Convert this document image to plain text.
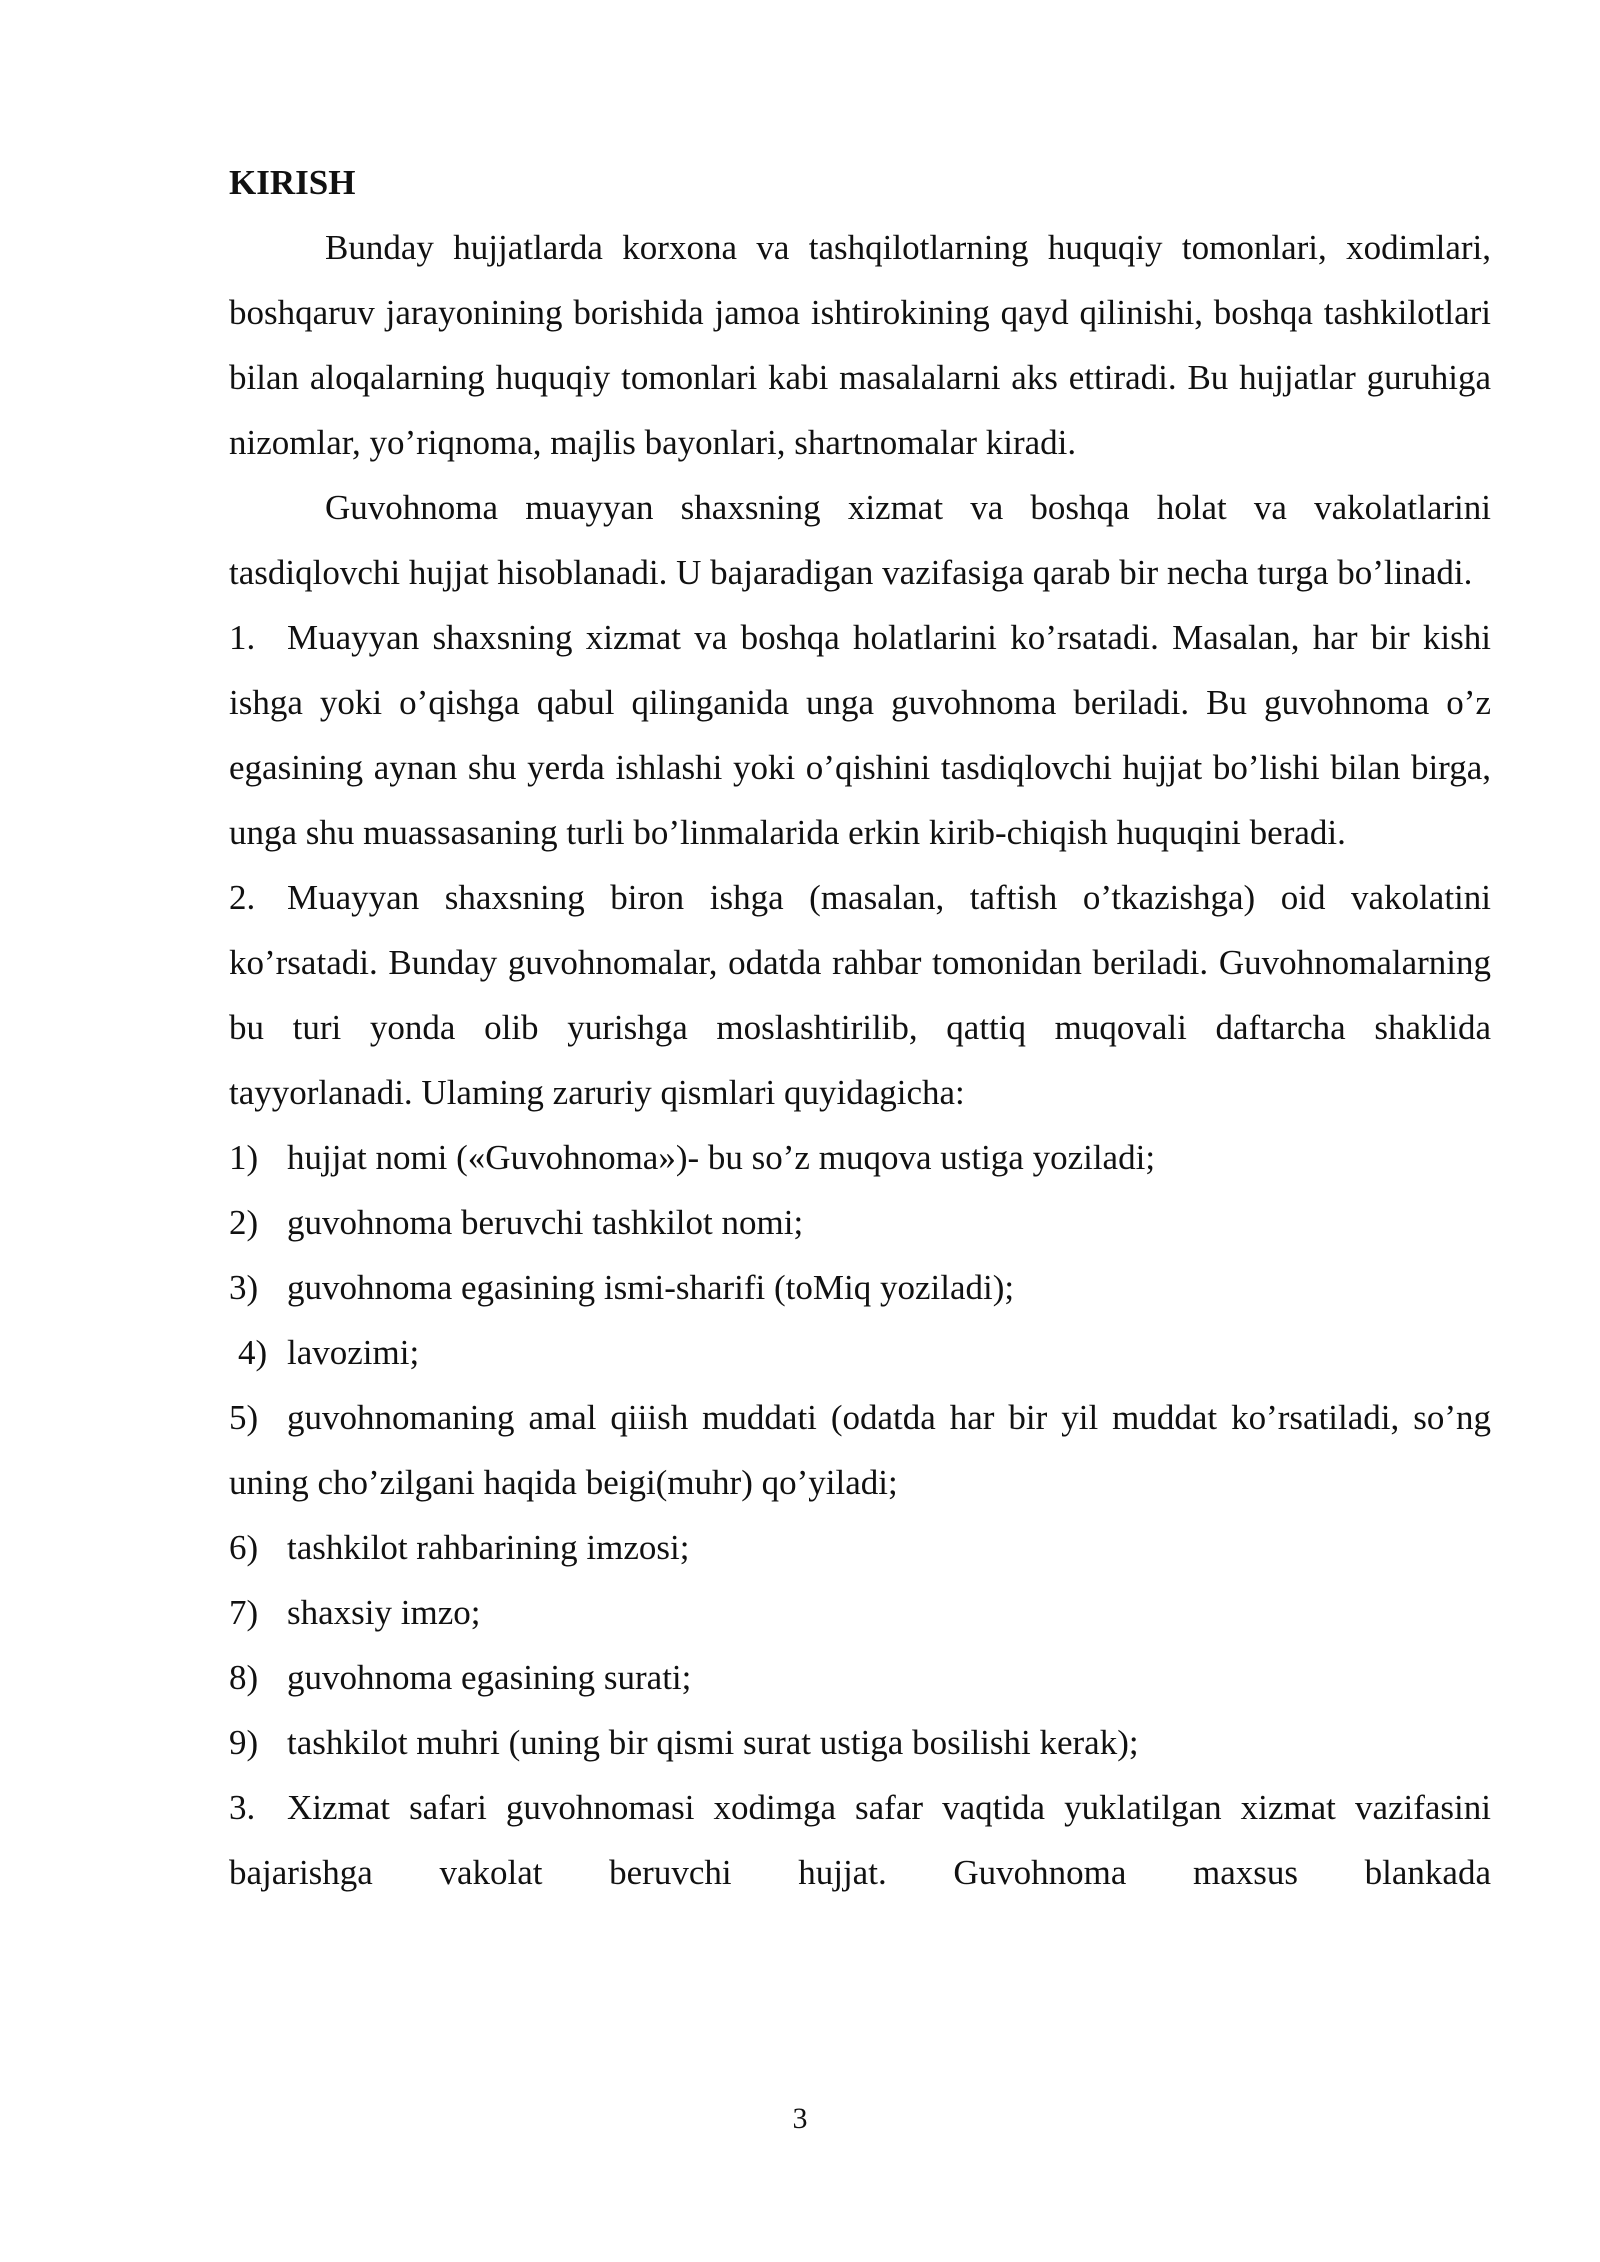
KIRISH

Bunday hujjatlarda korxona va tashqilotlarning huquqiy tomonlari, xodimlari, boshqaruv jarayonining borishida jamoa ishtirokining qayd qilinishi, boshqa tashkilotlari bilan aloqalarning huquqiy tomonlari kabi masalalarni aks ettiradi. Bu hujjatlar guruhiga nizomlar, yo’riqnoma, majlis bayonlari, shartnomalar kiradi.

Guvohnoma muayyan shaxsning xizmat va boshqa holat va vakolatlarini tasdiqlovchi hujjat hisoblanadi. U bajaradigan vazifasiga qarab bir necha turga bo’linadi.

1. Muayyan shaxsning xizmat va boshqa holatlarini ko’rsatadi. Masalan, har bir kishi ishga yoki o’qishga qabul qilinganida unga guvohnoma beriladi. Bu guvohnoma o’z egasining aynan shu yerda ishlashi yoki o’qishini tasdiqlovchi hujjat bo’lishi bilan birga, unga shu muassasaning turli bo’linmalarida erkin kirib-chiqish huquqini beradi.

2. Muayyan shaxsning biron ishga (masalan, taftish o’tkazishga) oid vakolatini ko’rsatadi. Bunday guvohnomalar, odatda rahbar tomonidan beriladi. Guvohnomalarning bu turi yonda olib yurishga moslashtirilib, qattiq muqovali daftarcha shaklida tayyorlanadi. Ulaming zaruriy qismlari quyidagicha:

1) hujjat nomi («Guvohnoma»)- bu so’z muqova ustiga yoziladi;

2) guvohnoma beruvchi tashkilot nomi;

3) guvohnoma egasining ismi-sharifi (toMiq yoziladi);

4) lavozimi;

5) guvohnomaning amal qiiish muddati (odatda har bir yil muddat ko’rsatiladi, so’ng uning cho’zilgani haqida beigi(muhr) qo’yiladi;

6) tashkilot rahbarining imzosi;

7) shaxsiy imzo;

8) guvohnoma egasining surati;

9) tashkilot muhri (uning bir qismi surat ustiga bosilishi kerak);

3. Xizmat safari guvohnomasi xodimga safar vaqtida yuklatilgan xizmat vazifasini bajarishga vakolat beruvchi hujjat. Guvohnoma maxsus blankada

3
